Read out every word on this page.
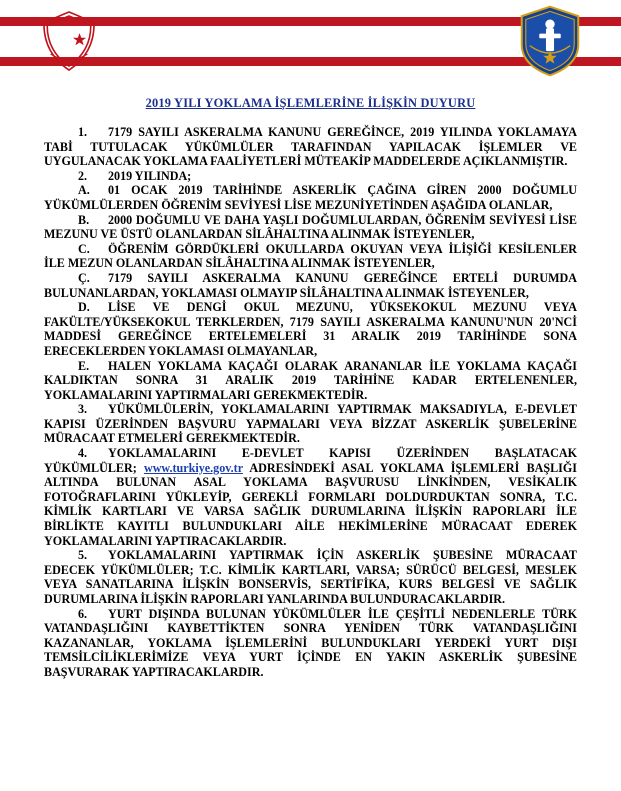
2019 YILI YOKLAMA İŞLEMLERİNE İLİŞKİN DUYURU

1. 7179 SAYILI ASKERALMA KANUNU GEREĞİNCE, 2019 YILINDA YOKLAMAYA TABİ TUTULACAK YÜKÜMLÜLER TARAFINDAN YAPILACAK İŞLEMLER VE UYGULANACAK YOKLAMA FAALİYETLERİ MÜTEAKİP MADDELERDE AÇIKLANMIŞTIR.

2. 2019 YILINDA;

A. 01 OCAK 2019 TARİHİNDE ASKERLİK ÇAĞINA GİREN 2000 DOĞUMLU YÜKÜMLÜLERDEN ÖĞRENİM SEVİYESİ LİSE MEZUNİYETİNDEN AŞAĞIDA OLANLAR,

B. 2000 DOĞUMLU VE DAHA YAŞLI DOĞUMLULARDAN, ÖĞRENİM SEVİYESİ LİSE MEZUNU VE ÜSTÜ OLANLARDAN SİLÂHALTINA ALINMAK İSTEYENLER,

C. ÖĞRENİM GÖRDÜKLERİ OKULLARDA OKUYAN VEYA İLİŞİĞİ KESİLENLER İLE MEZUN OLANLARDAN SİLÂHALTINA ALINMAK İSTEYENLER,

Ç. 7179 SAYILI ASKERALMA KANUNU GEREĞİNCE ERTELİ DURUMDA BULUNANLARDAN, YOKLAMASI OLMAYIP SİLÂHALTINA ALINMAK İSTEYENLER,

D. LİSE VE DENGİ OKUL MEZUNU, YÜKSEKOKUL MEZUNU VEYA FAKÜLTE/YÜKSEKOKUL TERKLERDEN, 7179 SAYILI ASKERALMA KANUNU'NUN 20'NCİ MADDESİ GEREĞİNCE ERTELEMELERİ 31 ARALIK 2019 TARİHİNDE SONA ERECEKLERDEN YOKLAMASI OLMAYANLAR,

E. HALEN YOKLAMA KAÇAĞI OLARAK ARANANLAR İLE YOKLAMA KAÇAĞI KALDIKTAN SONRA 31 ARALIK 2019 TARİHİNE KADAR ERTELENENLER, YOKLAMALARINI YAPTIRMALARI GEREKMEKTEDİR.

3. YÜKÜMLÜLERİN, YOKLAMALARINI YAPTIRMAK MAKSADIYLA, E-DEVLET KAPISI ÜZERİNDEN BAŞVURU YAPMALARI VEYA BİZZAT ASKERLİK ŞUBELERİNE MÜRACAAT ETMELERİ GEREKMEKTEDİR.

4. YOKLAMALARINI E-DEVLET KAPISI ÜZERİNDEN BAŞLATACAK YÜKÜMLÜLER; www.turkiye.gov.tr ADRESİNDEKİ ASAL YOKLAMA İŞLEMLERİ BAŞLIĞI ALTINDA BULUNAN ASAL YOKLAMA BAŞVURUSU LİNKİNDEN, VESİKALIK FOTOĞRAFLARINI YÜKLEYİP, GEREKLİ FORMLARI DOLDURDUKTAN SONRA, T.C. KİMLİK KARTLARI VE VARSA SAĞLIK DURUMLARINA İLİŞKİN RAPORLARI İLE BİRLİKTE KAYITLI BULUNDUKLARI AİLE HEKİMLERİNE MÜRACAAT EDEREK YOKLAMALARINI YAPTIRACAKLARDIR.

5. YOKLAMALARINI YAPTIRMAK İÇİN ASKERLİK ŞUBESİNE MÜRACAAT EDECEK YÜKÜMLÜLER; T.C. KİMLİK KARTLARI, VARSA; SÜRÜCÜ BELGESİ, MESLEK VEYA SANATLARINA İLİŞKİN BONSERVİS, SERTİFİKA, KURS BELGESİ VE SAĞLIK DURUMLARINA İLİŞKİN RAPORLARI YANLARINDA BULUNDURACAKLARDIR.

6. YURT DIŞINDA BULUNAN YÜKÜMLÜLER İLE ÇEŞİTLİ NEDENLERLE TÜRK VATANDAŞLIĞINI KAYBETTİKTEN SONRA YENİDEN TÜRK VATANDAŞLIĞINI KAZANANLAR, YOKLAMA İŞLEMLERİNİ BULUNDUKLARI YERDEKİ YURT DIŞI TEMSİLCİLİKLERİMİZE VEYA YURT İÇİNDE EN YAKIN ASKERLİK ŞUBESİNE BAŞVURARAK YAPTIRACAKLARDIR.
